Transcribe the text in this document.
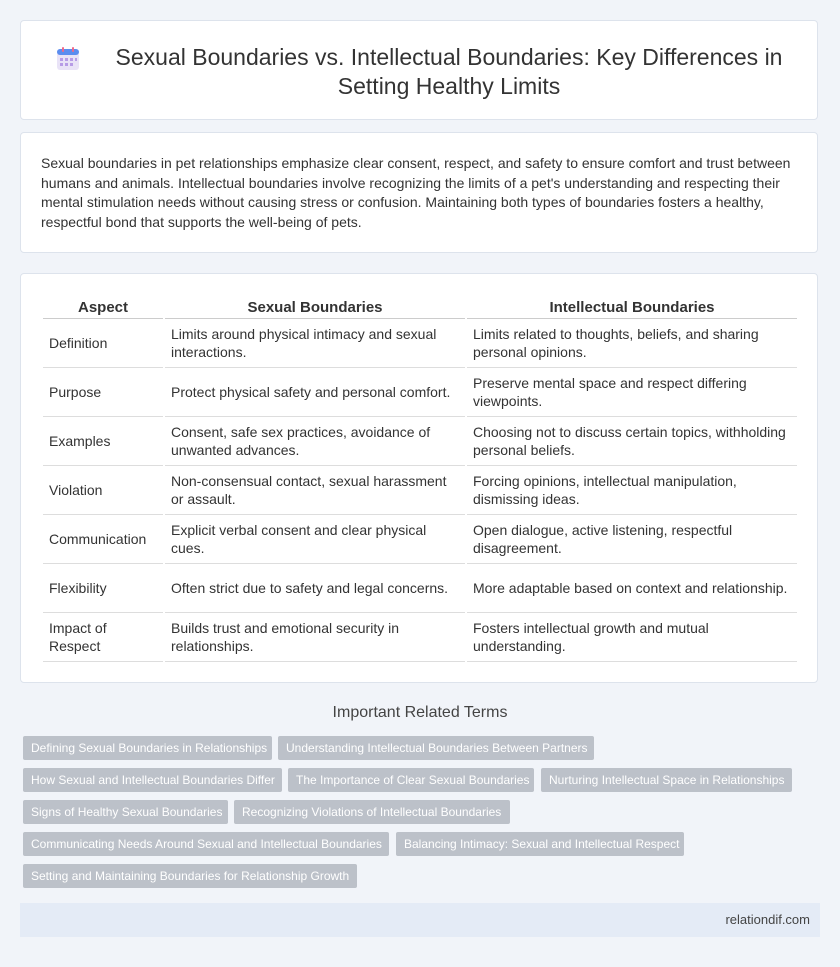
Sexual Boundaries vs. Intellectual Boundaries: Key Differences in Setting Healthy Limits

Sexual boundaries in pet relationships emphasize clear consent, respect, and safety to ensure comfort and trust between humans and animals. Intellectual boundaries involve recognizing the limits of a pet's understanding and respecting their mental stimulation needs without causing stress or confusion. Maintaining both types of boundaries fosters a healthy, respectful bond that supports the well-being of pets.

Aspect	Sexual Boundaries	Intellectual Boundaries
Definition	Limits around physical intimacy and sexual interactions.	Limits related to thoughts, beliefs, and sharing personal opinions.
Purpose	Protect physical safety and personal comfort.	Preserve mental space and respect differing viewpoints.
Examples	Consent, safe sex practices, avoidance of unwanted advances.	Choosing not to discuss certain topics, withholding personal beliefs.
Violation	Non-consensual contact, sexual harassment or assault.	Forcing opinions, intellectual manipulation, dismissing ideas.
Communication	Explicit verbal consent and clear physical cues.	Open dialogue, active listening, respectful disagreement.
Flexibility	Often strict due to safety and legal concerns.	More adaptable based on context and relationship.
Impact of Respect	Builds trust and emotional security in relationships.	Fosters intellectual growth and mutual understanding.
Important Related Terms
Defining Sexual Boundaries in Relationships	Understanding Intellectual Boundaries Between Partners
How Sexual and Intellectual Boundaries Differ	The Importance of Clear Sexual Boundaries	Nurturing Intellectual Space in Relationships
Signs of Healthy Sexual Boundaries	Recognizing Violations of Intellectual Boundaries
Communicating Needs Around Sexual and Intellectual Boundaries	Balancing Intimacy: Sexual and Intellectual Respect
Setting and Maintaining Boundaries for Relationship Growth
relationdif.com
